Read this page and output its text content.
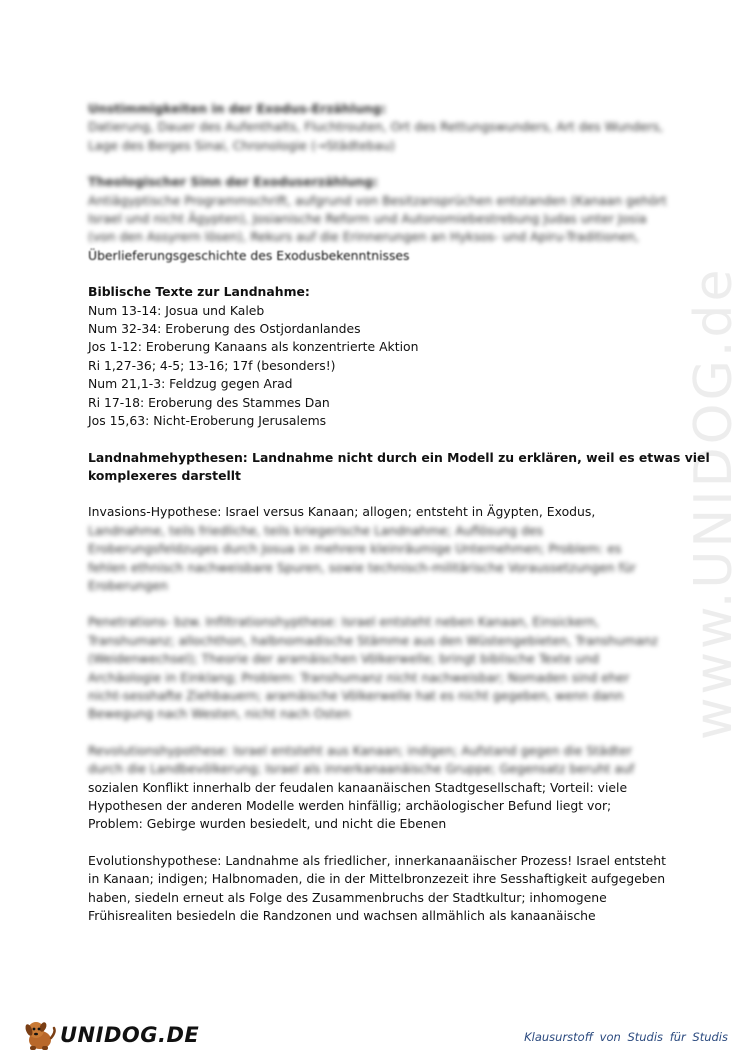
www.UNIDOG.de
Unstimmigkeiten in der Exodus-Erzählung:
Datierung, Dauer des Aufenthalts, Fluchtrouten, Ort des Rettungswunders, Art des Wunders,
Lage des Berges Sinai, Chronologie (→Städtebau)
Theologischer Sinn der Exoduserzählung:
Antiägyptische Programmschrift, aufgrund von Besitzansprüchen entstanden (Kanaan gehört
Israel und nicht Ägypten), Josianische Reform und Autonomiebestrebung Judas unter Josia
(von den Assyrern lösen), Rekurs auf die Erinnerungen an Hyksos- und Apiru-Traditionen,
Überlieferungsgeschichte des Exodusbekenntnisses
Biblische Texte zur Landnahme:
Num 13-14: Josua und Kaleb
Num 32-34: Eroberung des Ostjordanlandes
Jos 1-12: Eroberung Kanaans als konzentrierte Aktion
Ri 1,27-36; 4-5; 13-16; 17f (besonders!)
Num 21,1-3: Feldzug gegen Arad
Ri 17-18: Eroberung des Stammes Dan
Jos 15,63: Nicht-Eroberung Jerusalems
Landnahmehypthesen: Landnahme nicht durch ein Modell zu erklären, weil es etwas viel
komplexeres darstellt
Invasions-Hypothese: Israel versus Kanaan; allogen; entsteht in Ägypten, Exodus,
Landnahme, teils friedliche, teils kriegerische Landnahme; Auflösung des
Eroberungsfeldzuges durch Josua in mehrere kleinräumige Unternehmen; Problem: es
fehlen ethnisch nachweisbare Spuren, sowie technisch-militärische Voraussetzungen für
Eroberungen
Penetrations- bzw. Infiltrationshypthese: Israel entsteht neben Kanaan, Einsickern,
Transhumanz; allochthon, halbnomadische Stämme aus den Wüstengebieten, Transhumanz
(Weidenwechsel); Theorie der aramäischen Völkerwelle; bringt biblische Texte und
Archäologie in Einklang; Problem: Transhumanz nicht nachweisbar; Nomaden sind eher
nicht-sesshafte Ziehbauern; aramäische Völkerwelle hat es nicht gegeben, wenn dann
Bewegung nach Westen, nicht nach Osten
Revolutionshypothese: Israel entsteht aus Kanaan; indigen; Aufstand gegen die Städter
durch die Landbevölkerung; Israel als innerkanaanäische Gruppe; Gegensatz beruht auf
sozialen Konflikt innerhalb der feudalen kanaanäischen Stadtgesellschaft; Vorteil: viele
Hypothesen der anderen Modelle werden hinfällig; archäologischer Befund liegt vor;
Problem: Gebirge wurden besiedelt, und nicht die Ebenen
Evolutionshypothese: Landnahme als friedlicher, innerkanaanäischer Prozess! Israel entsteht
in Kanaan; indigen; Halbnomaden, die in der Mittelbronzezeit ihre Sesshaftigkeit aufgegeben
haben, siedeln erneut als Folge des Zusammenbruchs der Stadtkultur; inhomogene
Frühisrealiten besiedeln die Randzonen und wachsen allmählich als kanaanäische
UNIDOG.DE	Klausurstoff von Studis für Studis
